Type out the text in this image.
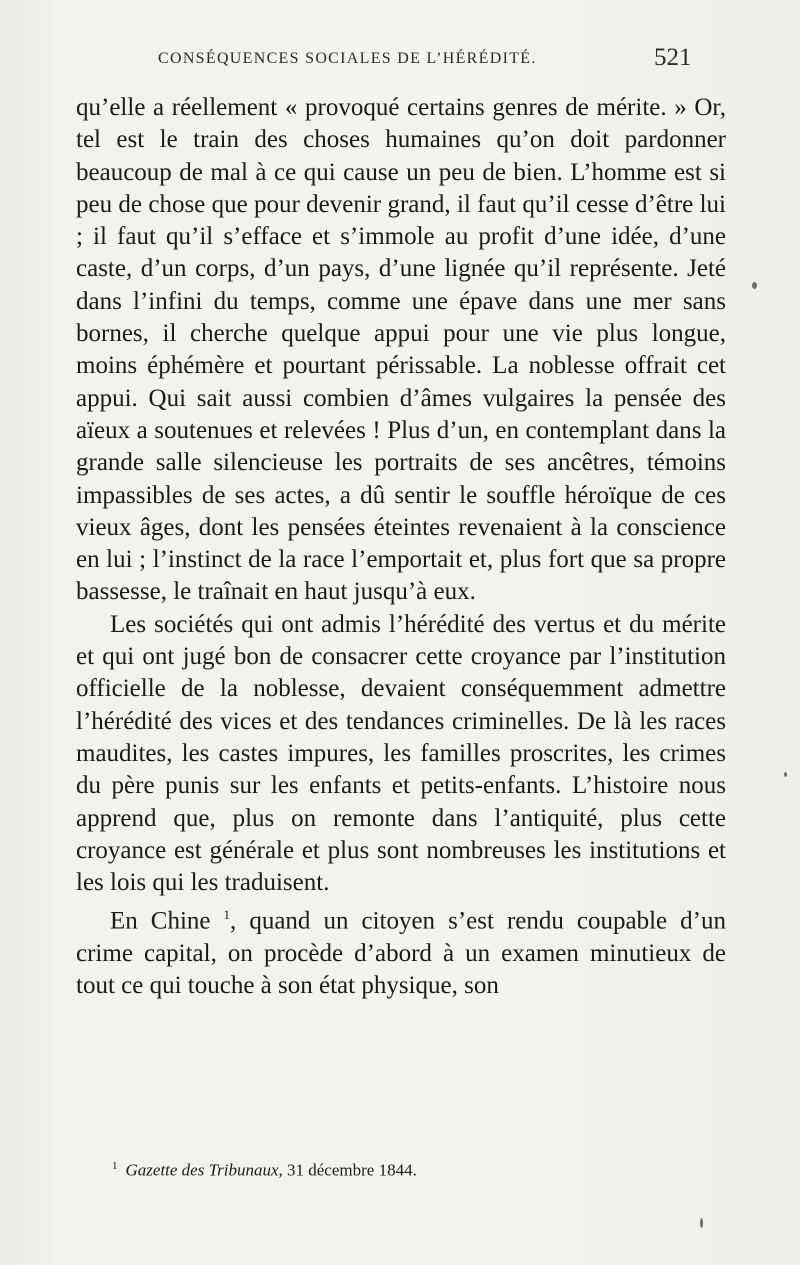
CONSÉQUENCES SOCIALES DE L’HÉRÉDITÉ.	521

qu’elle a réellement « provoqué certains genres de mérite. » Or, tel est le train des choses humaines qu’on doit pardonner beaucoup de mal à ce qui cause un peu de bien. L’homme est si peu de chose que pour devenir grand, il faut qu’il cesse d’être lui ; il faut qu’il s’efface et s’immole au profit d’une idée, d’une caste, d’un corps, d’un pays, d’une lignée qu’il représente. Jeté dans l’infini du temps, comme une épave dans une mer sans bornes, il cherche quelque appui pour une vie plus longue, moins éphémère et pourtant périssable. La noblesse offrait cet appui. Qui sait aussi combien d’âmes vulgaires la pensée des aïeux a soutenues et relevées ! Plus d’un, en contemplant dans la grande salle silencieuse les portraits de ses ancêtres, témoins impassibles de ses actes, a dû sentir le souffle héroïque de ces vieux âges, dont les pensées éteintes revenaient à la conscience en lui ; l’instinct de la race l’emportait et, plus fort que sa propre bassesse, le traînait en haut jusqu’à eux.

Les sociétés qui ont admis l’hérédité des vertus et du mérite et qui ont jugé bon de consacrer cette croyance par l’institution officielle de la noblesse, devaient conséquemment admettre l’hérédité des vices et des tendances criminelles. De là les races maudites, les castes impures, les familles proscrites, les crimes du père punis sur les enfants et petits-enfants. L’histoire nous apprend que, plus on remonte dans l’antiquité, plus cette croyance est générale et plus sont nombreuses les institutions et les lois qui les traduisent.

En Chine $^1$, quand un citoyen s’est rendu coupable d’un crime capital, on procède d’abord à un examen minutieux de tout ce qui touche à son état physique, son

$^1$ Gazette des Tribunaux, 31 décembre 1844.
